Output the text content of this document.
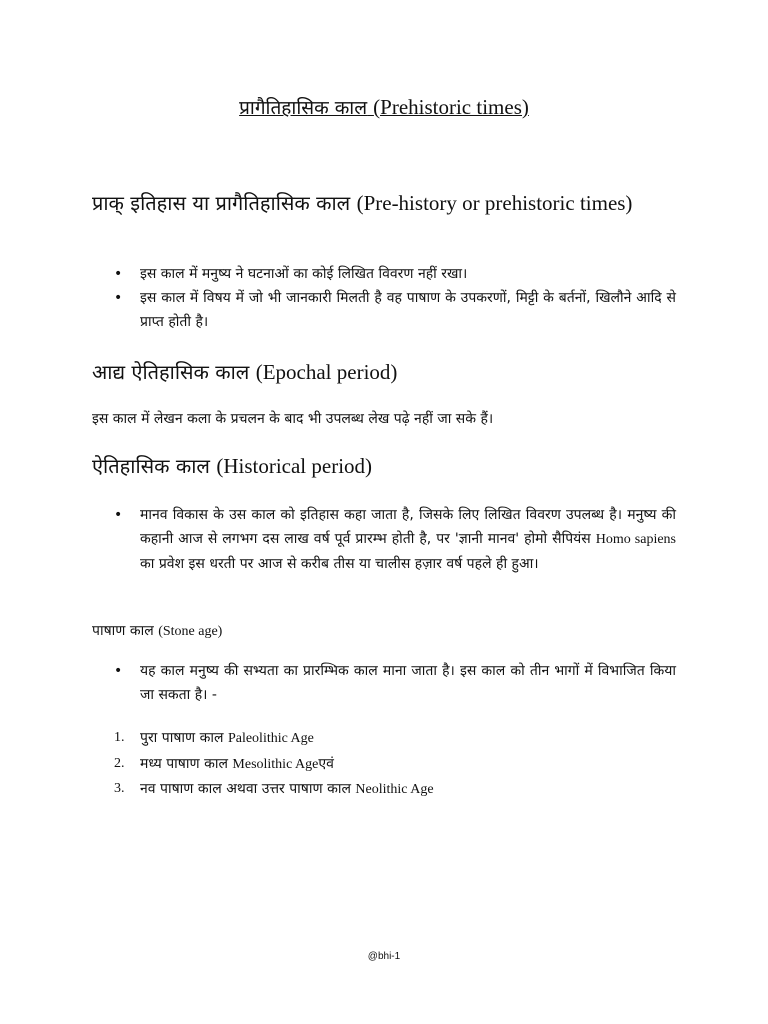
प्रागैतिहासिक काल (Prehistoric times)
प्राक् इतिहास या प्रागैतिहासिक काल (Pre-history or prehistoric times)
• इस काल में मनुष्य ने घटनाओं का कोई लिखित विवरण नहीं रखा।
• इस काल में विषय में जो भी जानकारी मिलती है वह पाषाण के उपकरणों, मिट्टी के बर्तनों, खिलौने आदि से प्राप्त होती है।
आद्य ऐतिहासिक काल (Epochal period)
इस काल में लेखन कला के प्रचलन के बाद भी उपलब्ध लेख पढ़े नहीं जा सके हैं।
ऐतिहासिक काल (Historical period)
• मानव विकास के उस काल को इतिहास कहा जाता है, जिसके लिए लिखित विवरण उपलब्ध है। मनुष्य की कहानी आज से लगभग दस लाख वर्ष पूर्व प्रारम्भ होती है, पर 'ज्ञानी मानव' होमो सैपियंस Homo sapiens का प्रवेश इस धरती पर आज से करीब तीस या चालीस हज़ार वर्ष पहले ही हुआ।
पाषाण काल (Stone age)
• यह काल मनुष्य की सभ्यता का प्रारम्भिक काल माना जाता है। इस काल को तीन भागों में विभाजित किया जा सकता है। -
1. पुरा पाषाण काल Paleolithic Age
2. मध्य पाषाण काल Mesolithic Ageएवं
3. नव पाषाण काल अथवा उत्तर पाषाण काल Neolithic Age
@bhi-1
